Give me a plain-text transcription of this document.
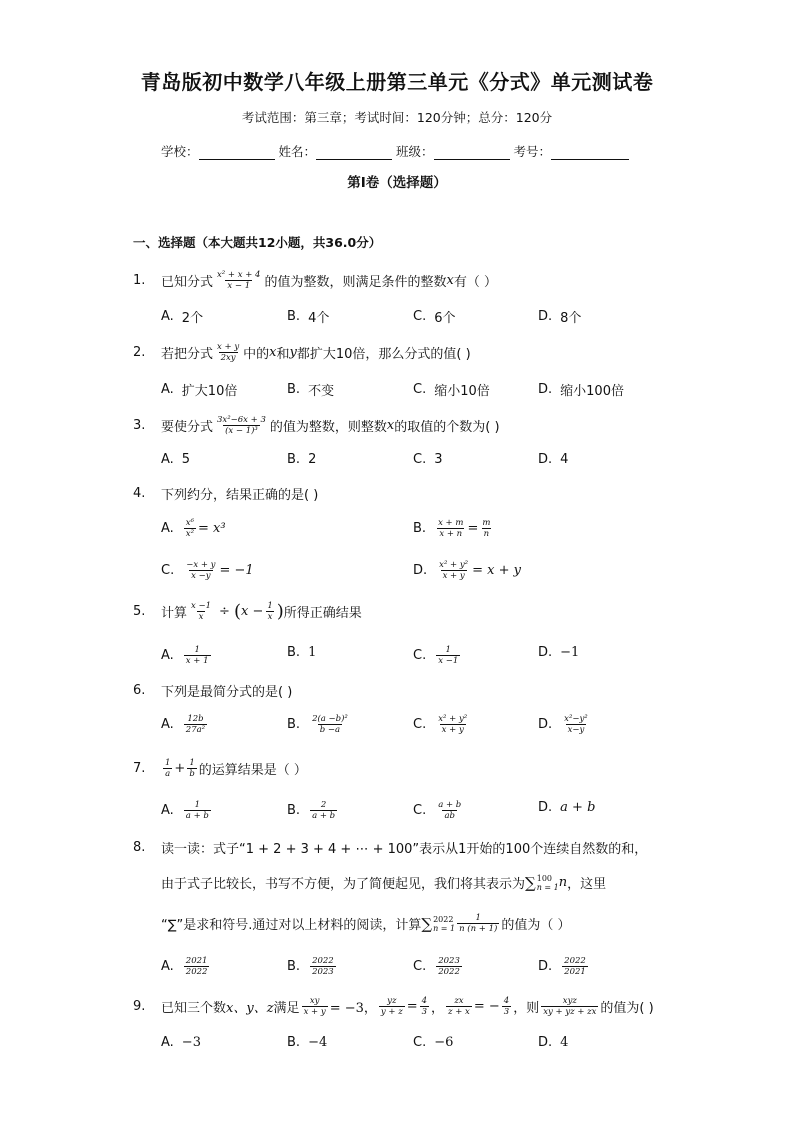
青岛版初中数学八年级上册第三单元《分式》单元测试卷
考试范围：第三章；考试时间：120分钟；总分：120分
学校：	姓名：	班级：	考号：
第I卷（选择题）
一、选择题（本大题共12小题，共36.0分）
1.	已知分式 $\frac{\text{x² + x + 4}}{x - 1}$ 的值为整数，则满足条件的整数 x 有（ ）
A. 2个	B. 4个	C. 6个	D. 8个
2.	若把分式 $\frac{x + y}{2xy}$ 中的 x 和 y 都扩大10倍，那么分式的值( )
A. 扩大10倍	B. 不变	C. 缩小10倍	D. 缩小100倍
3.	要使分式 $\frac{\text{3x²−6x + 3}}{\text{(x − 1)³}}$ 的值为整数，则整数 x 的取值的个数为( )
A. 5	B. 2	C. 3	D. 4
4.	下列约分，结果正确的是( )
A. $\frac{\text{x⁶}}{\text{x²}} = x^3$	B. $\frac{x + m}{x + n} = \frac{m}{n}$
C. $\frac{-x + y}{x -y} = -1$	D. $\frac{\text{x² + y²}}{x + y} = x + y$
5.	计算 $\frac{x -1}{x}$ ÷ ( $x - \frac{1}{x}$ ) 所得正确结果
A. $\frac{1}{x + 1}$	B. 1	C. $\frac{1}{x -1}$	D. −1
6.	下列是最简分式的是( )
A. $\frac{12b}{\text{27a²}}$	B. $\frac{\text{2(a −b)²}}{b -a}$	C. $\frac{\text{x² + y²}}{x + y}$	D. $\frac{\text{x²−y²}}{x-y}$
7.	$\frac{1}{a} + \frac{1}{b}$ 的运算结果是（ ）
A. $\frac{1}{a + b}$	B. $\frac{2}{a + b}$	C. $\frac{a + b}{ab}$	D. a + b
8.	读一读：式子“1 + 2 + 3 + 4 + ⋯ + 100”表示从1开始的100个连续自然数的和，
由于式子比较长，书写不方便，为了简便起见，我们将其表示为 ∑ 100
n = 1 n ，这里
“∑”是求和符号.通过对以上材料的阅读，计算 ∑ 2022
$n = 1 \frac{1}{n (n + 1)}$ 的值为（ ）
A. $\frac{2021}{2022}$	B. $\frac{2022}{2023}$	C. $\frac{2023}{2022}$	D. $\frac{2022}{2021}$
9.	已知三个数 x、y、z 满足 $\frac{xy}{x + y} = -3$， $\frac{yz}{y + z} = \frac{4}{3}$ ， $\frac{zx}{z + x}$ = − $\frac{4}{3}$ ，则 $\frac{\text{xyz}}{xy + yz + zx}$ 的值为( )
A. −3	B. −4	C. −6	D. 4
